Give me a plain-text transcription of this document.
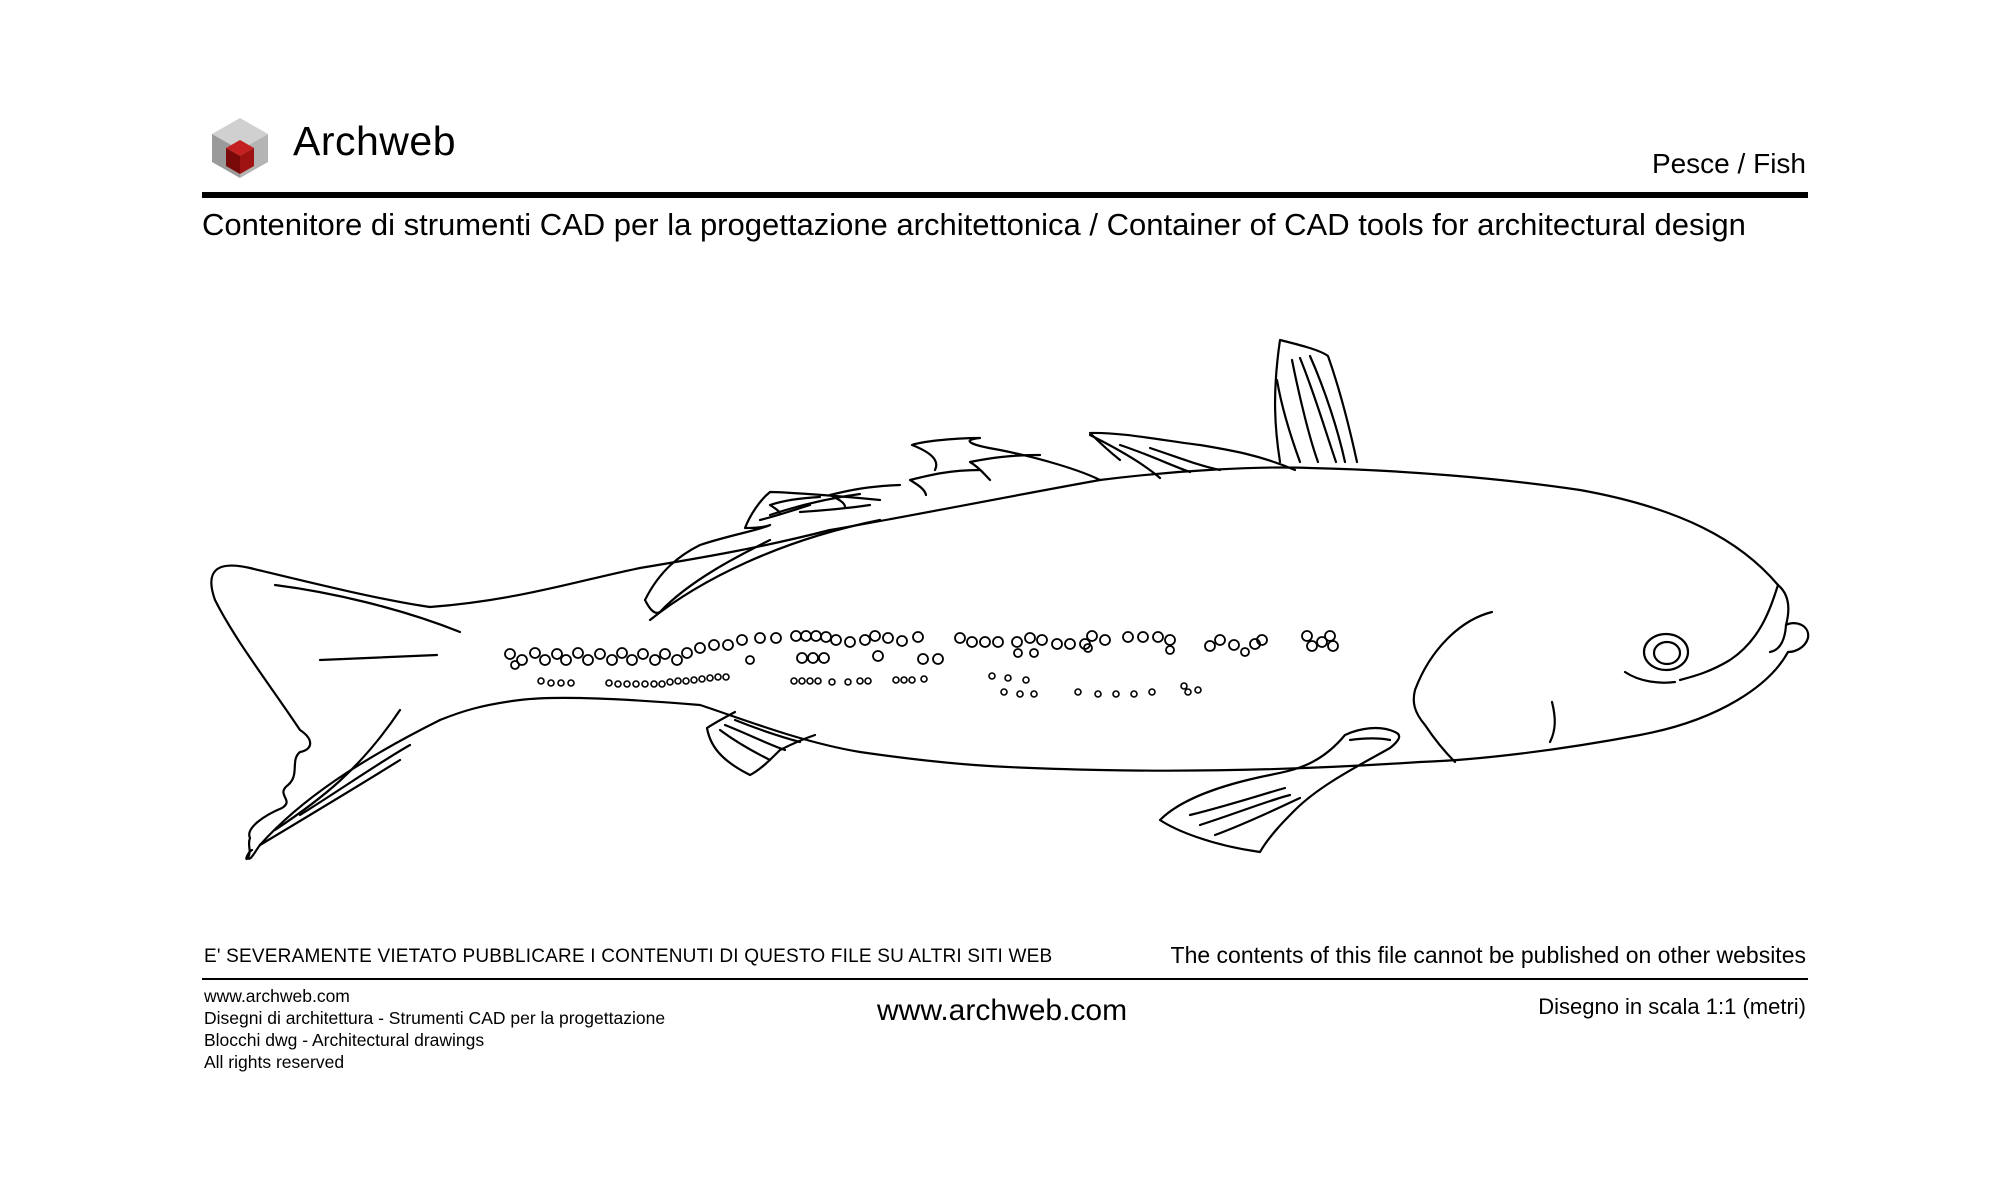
Archweb	Pesce / Fish
Contenitore di strumenti CAD per la progettazione architettonica / Container of CAD tools for architectural design
E' SEVERAMENTE VIETATO PUBBLICARE I CONTENUTI DI QUESTO FILE SU ALTRI SITI WEB	The contents of this file cannot be published on other websites
www.archweb.com
Disegni di architettura - Strumenti CAD per la progettazione
Blocchi dwg - Architectural drawings
All rights reserved
www.archweb.com	Disegno in scala 1:1 (metri)
